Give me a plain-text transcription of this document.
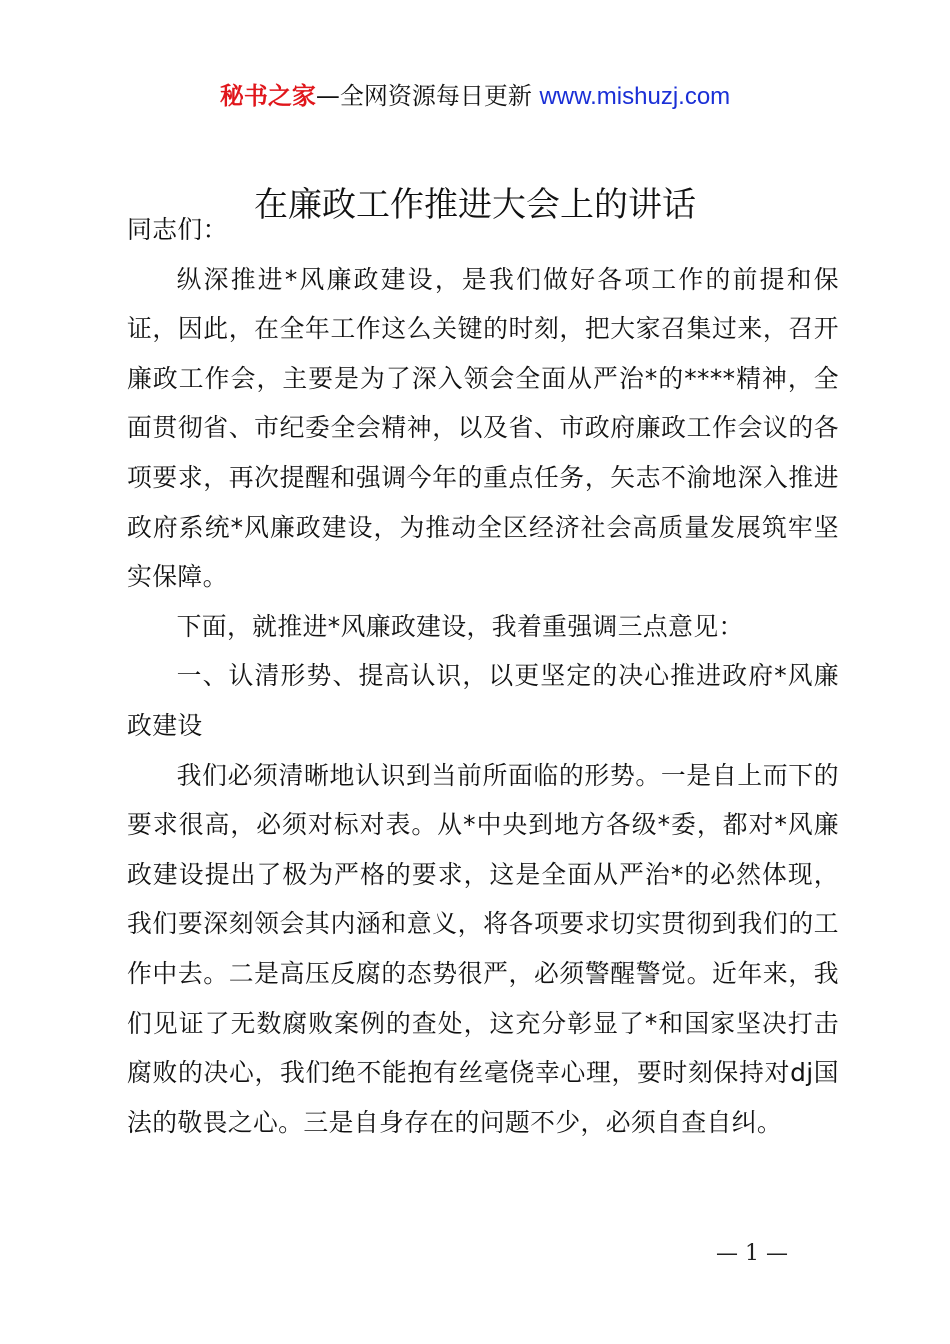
秘书之家—全网资源每日更新 www.mishuzj.com
在廉政工作推进大会上的讲话

同志们：

纵深推进*风廉政建设，是我们做好各项工作的前提和保证，因此，在全年工作这么关键的时刻，把大家召集过来，召开廉政工作会，主要是为了深入领会全面从严治*的****精神，全面贯彻省、市纪委全会精神，以及省、市政府廉政工作会议的各项要求，再次提醒和强调今年的重点任务，矢志不渝地深入推进政府系统*风廉政建设，为推动全区经济社会高质量发展筑牢坚实保障。

下面，就推进*风廉政建设，我着重强调三点意见：

一、认清形势、提高认识，以更坚定的决心推进政府*风廉政建设

我们必须清晰地认识到当前所面临的形势。一是自上而下的要求很高，必须对标对表。从*中央到地方各级*委，都对*风廉政建设提出了极为严格的要求，这是全面从严治*的必然体现，我们要深刻领会其内涵和意义，将各项要求切实贯彻到我们的工作中去。二是高压反腐的态势很严，必须警醒警觉。近年来，我们见证了无数腐败案例的查处，这充分彰显了*和国家坚决打击腐败的决心，我们绝不能抱有丝毫侥幸心理，要时刻保持对dj国法的敬畏之心。三是自身存在的问题不少，必须自查自纠。

— 1 —
